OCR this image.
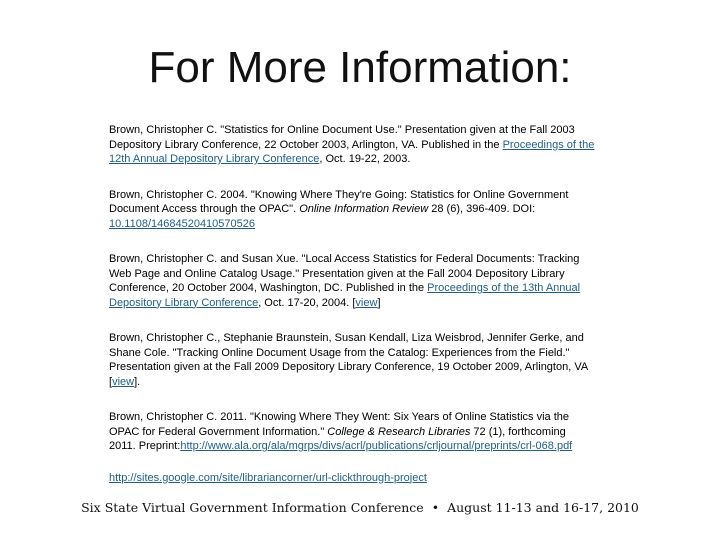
For More Information:

Brown, Christopher C. "Statistics for Online Document Use." Presentation given at the Fall 2003 Depository Library Conference, 22 October 2003, Arlington, VA. Published in the Proceedings of the 12th Annual Depository Library Conference, Oct. 19-22, 2003.

Brown, Christopher C. 2004. "Knowing Where They're Going: Statistics for Online Government Document Access through the OPAC". Online Information Review 28 (6), 396-409. DOI: 10.1108/14684520410570526

Brown, Christopher C. and Susan Xue. "Local Access Statistics for Federal Documents: Tracking Web Page and Online Catalog Usage." Presentation given at the Fall 2004 Depository Library Conference, 20 October 2004, Washington, DC. Published in the Proceedings of the 13th Annual Depository Library Conference, Oct. 17-20, 2004. [view]

Brown, Christopher C., Stephanie Braunstein, Susan Kendall, Liza Weisbrod, Jennifer Gerke, and Shane Cole. "Tracking Online Document Usage from the Catalog: Experiences from the Field." Presentation given at the Fall 2009 Depository Library Conference, 19 October 2009, Arlington, VA [view].

Brown, Christopher C. 2011. "Knowing Where They Went: Six Years of Online Statistics via the OPAC for Federal Government Information." College & Research Libraries 72 (1), forthcoming 2011. Preprint:http://www.ala.org/ala/mgrps/divs/acrl/publications/crljournal/preprints/crl-068.pdf

http://sites.google.com/site/librariancorner/url-clickthrough-project

Six State Virtual Government Information Conference • August 11-13 and 16-17, 2010
